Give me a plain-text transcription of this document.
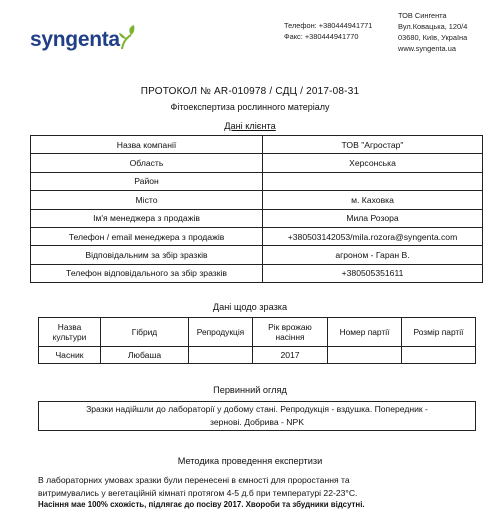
syngenta
Телефон: +380444941771
Факс: +380444941770
ТОВ Сингента
Вул.Ковацька, 120/4
03680, Київ, Україна
www.syngenta.ua
ПРОТОКОЛ № AR-010978 / СДЦ / 2017-08-31
Фітоекспертиза рослинного матеріалу
Дані клієнта
Назва компанії	ТОВ "Агростар"
Область	Херсонська
Район	
Місто	м. Каховка
Ім'я менеджера з продажів	Мила Розора
Телефон / email менеджера з продажів	+380503142053/mila.rozora@syngenta.com
Відповідальним за збір зразків	агроном - Гаран В.
Телефон відповідального за збір зразків	+380505351611
Дані щодо зразка
Назва культури	Гібрид	Репродукція	Рік врожаю насіння	Номер партії	Розмір партії
Часник	Любаша		2017		
Первинний огляд
Зразки надійшли до лабораторії у добому стані. Репродукція - вздушка. Попередник -
зернові. Добрива - NPK
Методика проведення експертизи
В лабораторних умовах зразки були перенесені в ємності для проростання та
витримувались у вегетаційній кімнаті протягом 4-5 д.б при температурі 22-23°С.
Насіння мае 100% схожість, підлягає до посіву 2017. Хвороби та збудники відсутні.
